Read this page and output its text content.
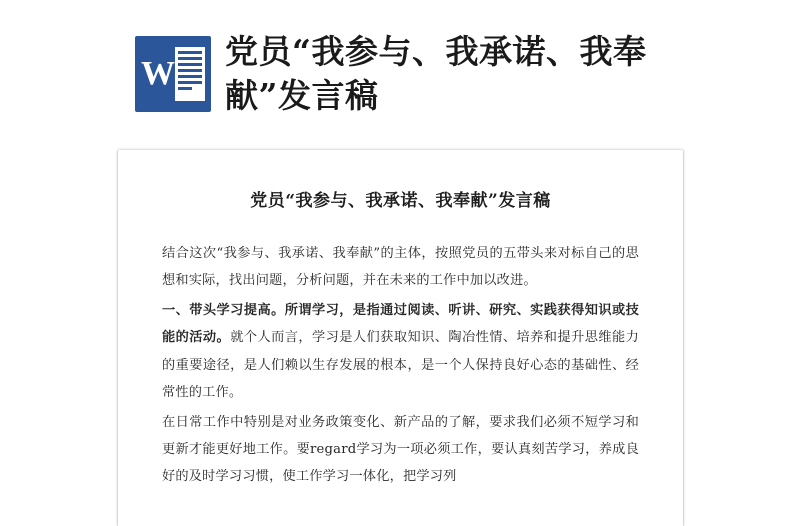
W
党员“我参与、我承诺、我奉献”发言稿
党员“我参与、我承诺、我奉献”发言稿

结合这次“我参与、我承诺、我奉献”的主体，按照党员的五带头来对标自己的思想和实际，找出问题，分析问题，并在未来的工作中加以改进。

一、带头学习提高。所谓学习，是指通过阅读、听讲、研究、实践获得知识或技能的活动。就个人而言，学习是人们获取知识、陶冶性情、培养和提升思维能力的重要途径，是人们赖以生存发展的根本，是一个人保持良好心态的基础性、经常性的工作。

在日常工作中特别是对业务政策变化、新产品的了解，要求我们必须不短学习和更新才能更好地工作。要regard学习为一项必须工作，要认真刻苦学习，养成良好的及时学习习惯，使工作学习一体化，把学习列
